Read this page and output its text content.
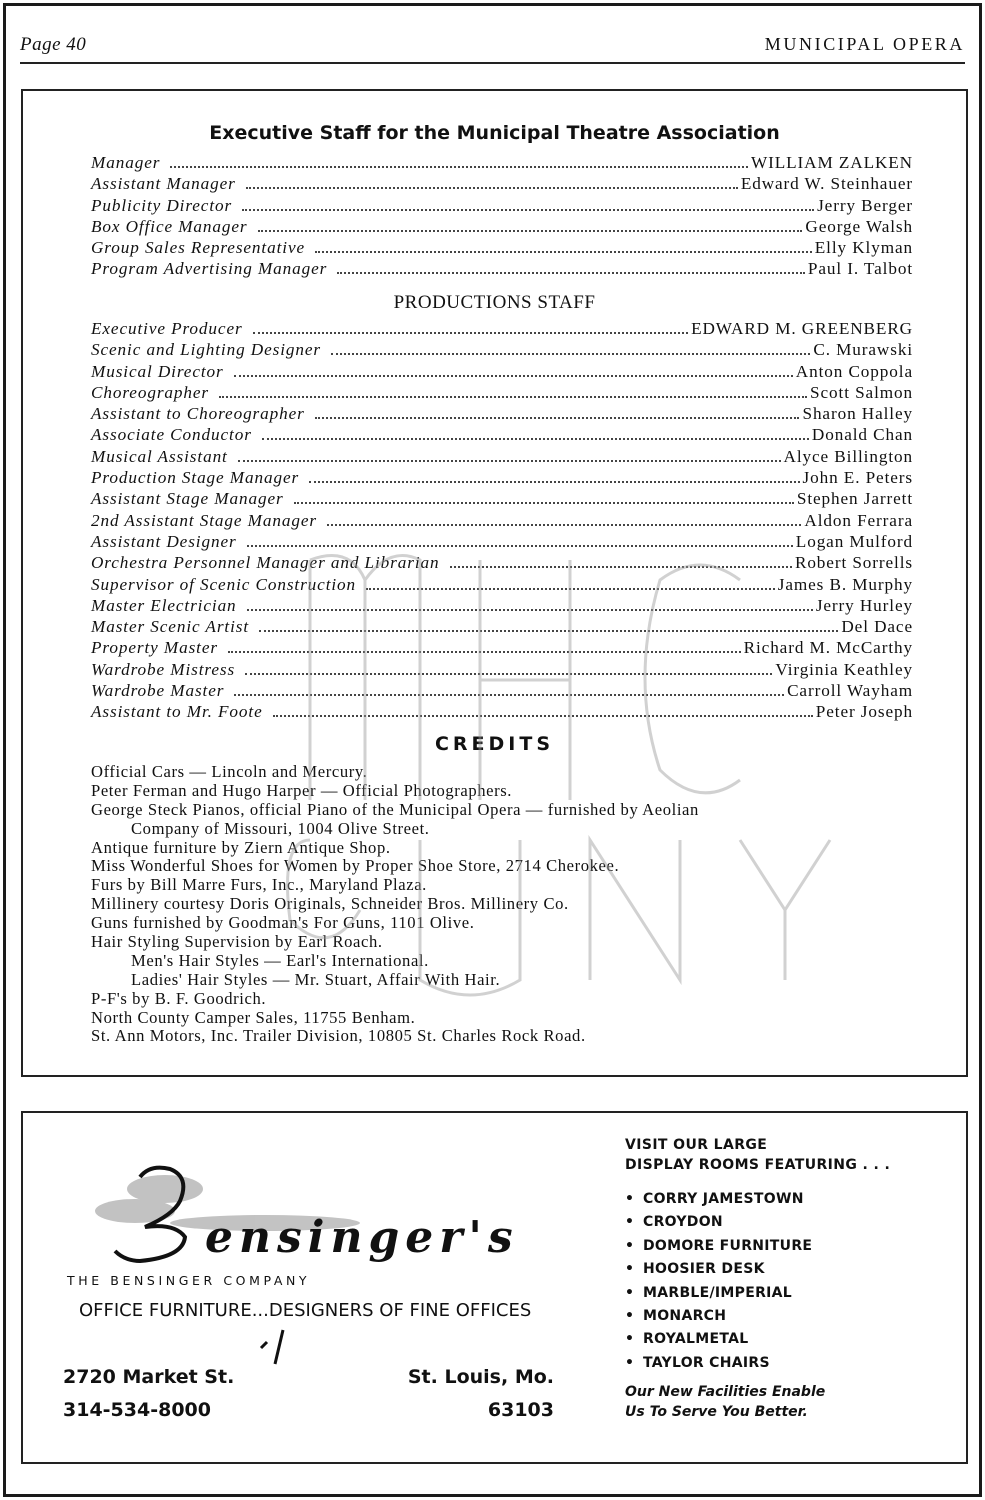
Page 40	MUNICIPAL OPERA
Executive Staff for the Municipal Theatre Association
Manager	WILLIAM ZALKEN
Assistant Manager	Edward W. Steinhauer
Publicity Director	Jerry Berger
Box Office Manager	George Walsh
Group Sales Representative	Elly Klyman
Program Advertising Manager	Paul I. Talbot
PRODUCTIONS STAFF
Executive Producer	EDWARD M. GREENBERG
Scenic and Lighting Designer	C. Murawski
Musical Director	Anton Coppola
Choreographer	Scott Salmon
Assistant to Choreographer	Sharon Halley
Associate Conductor	Donald Chan
Musical Assistant	Alyce Billington
Production Stage Manager	John E. Peters
Assistant Stage Manager	Stephen Jarrett
2nd Assistant Stage Manager	Aldon Ferrara
Assistant Designer	Logan Mulford
Orchestra Personnel Manager and Librarian	Robert Sorrells
Supervisor of Scenic Construction	James B. Murphy
Master Electrician	Jerry Hurley
Master Scenic Artist	Del Dace
Property Master	Richard M. McCarthy
Wardrobe Mistress	Virginia Keathley
Wardrobe Master	Carroll Wayham
Assistant to Mr. Foote	Peter Joseph
CREDITS
Official Cars — Lincoln and Mercury.
Peter Ferman and Hugo Harper — Official Photographers.
George Steck Pianos, official Piano of the Municipal Opera — furnished by Aeolian
Company of Missouri, 1004 Olive Street.
Antique furniture by Ziern Antique Shop.
Miss Wonderful Shoes for Women by Proper Shoe Store, 2714 Cherokee.
Furs by Bill Marre Furs, Inc., Maryland Plaza.
Millinery courtesy Doris Originals, Schneider Bros. Millinery Co.
Guns furnished by Goodman's For Guns, 1101 Olive.
Hair Styling Supervision by Earl Roach.
Men's Hair Styles — Earl's International.
Ladies' Hair Styles — Mr. Stuart, Affair With Hair.
P-F's by B. F. Goodrich.
North County Camper Sales, 11755 Benham.
St. Ann Motors, Inc. Trailer Division, 10805 St. Charles Rock Road.
ensinger's
THE BENSINGER COMPANY
OFFICE FURNITURE...DESIGNERS OF FINE OFFICES
2720 Market St.	St. Louis, Mo.
314-534-8000	63103
VISIT OUR LARGE
DISPLAY ROOMS FEATURING . . .
• CORRY JAMESTOWN
• CROYDON
• DOMORE FURNITURE
• HOOSIER DESK
• MARBLE/IMPERIAL
• MONARCH
• ROYALMETAL
• TAYLOR CHAIRS
Our New Facilities Enable
Us To Serve You Better.
